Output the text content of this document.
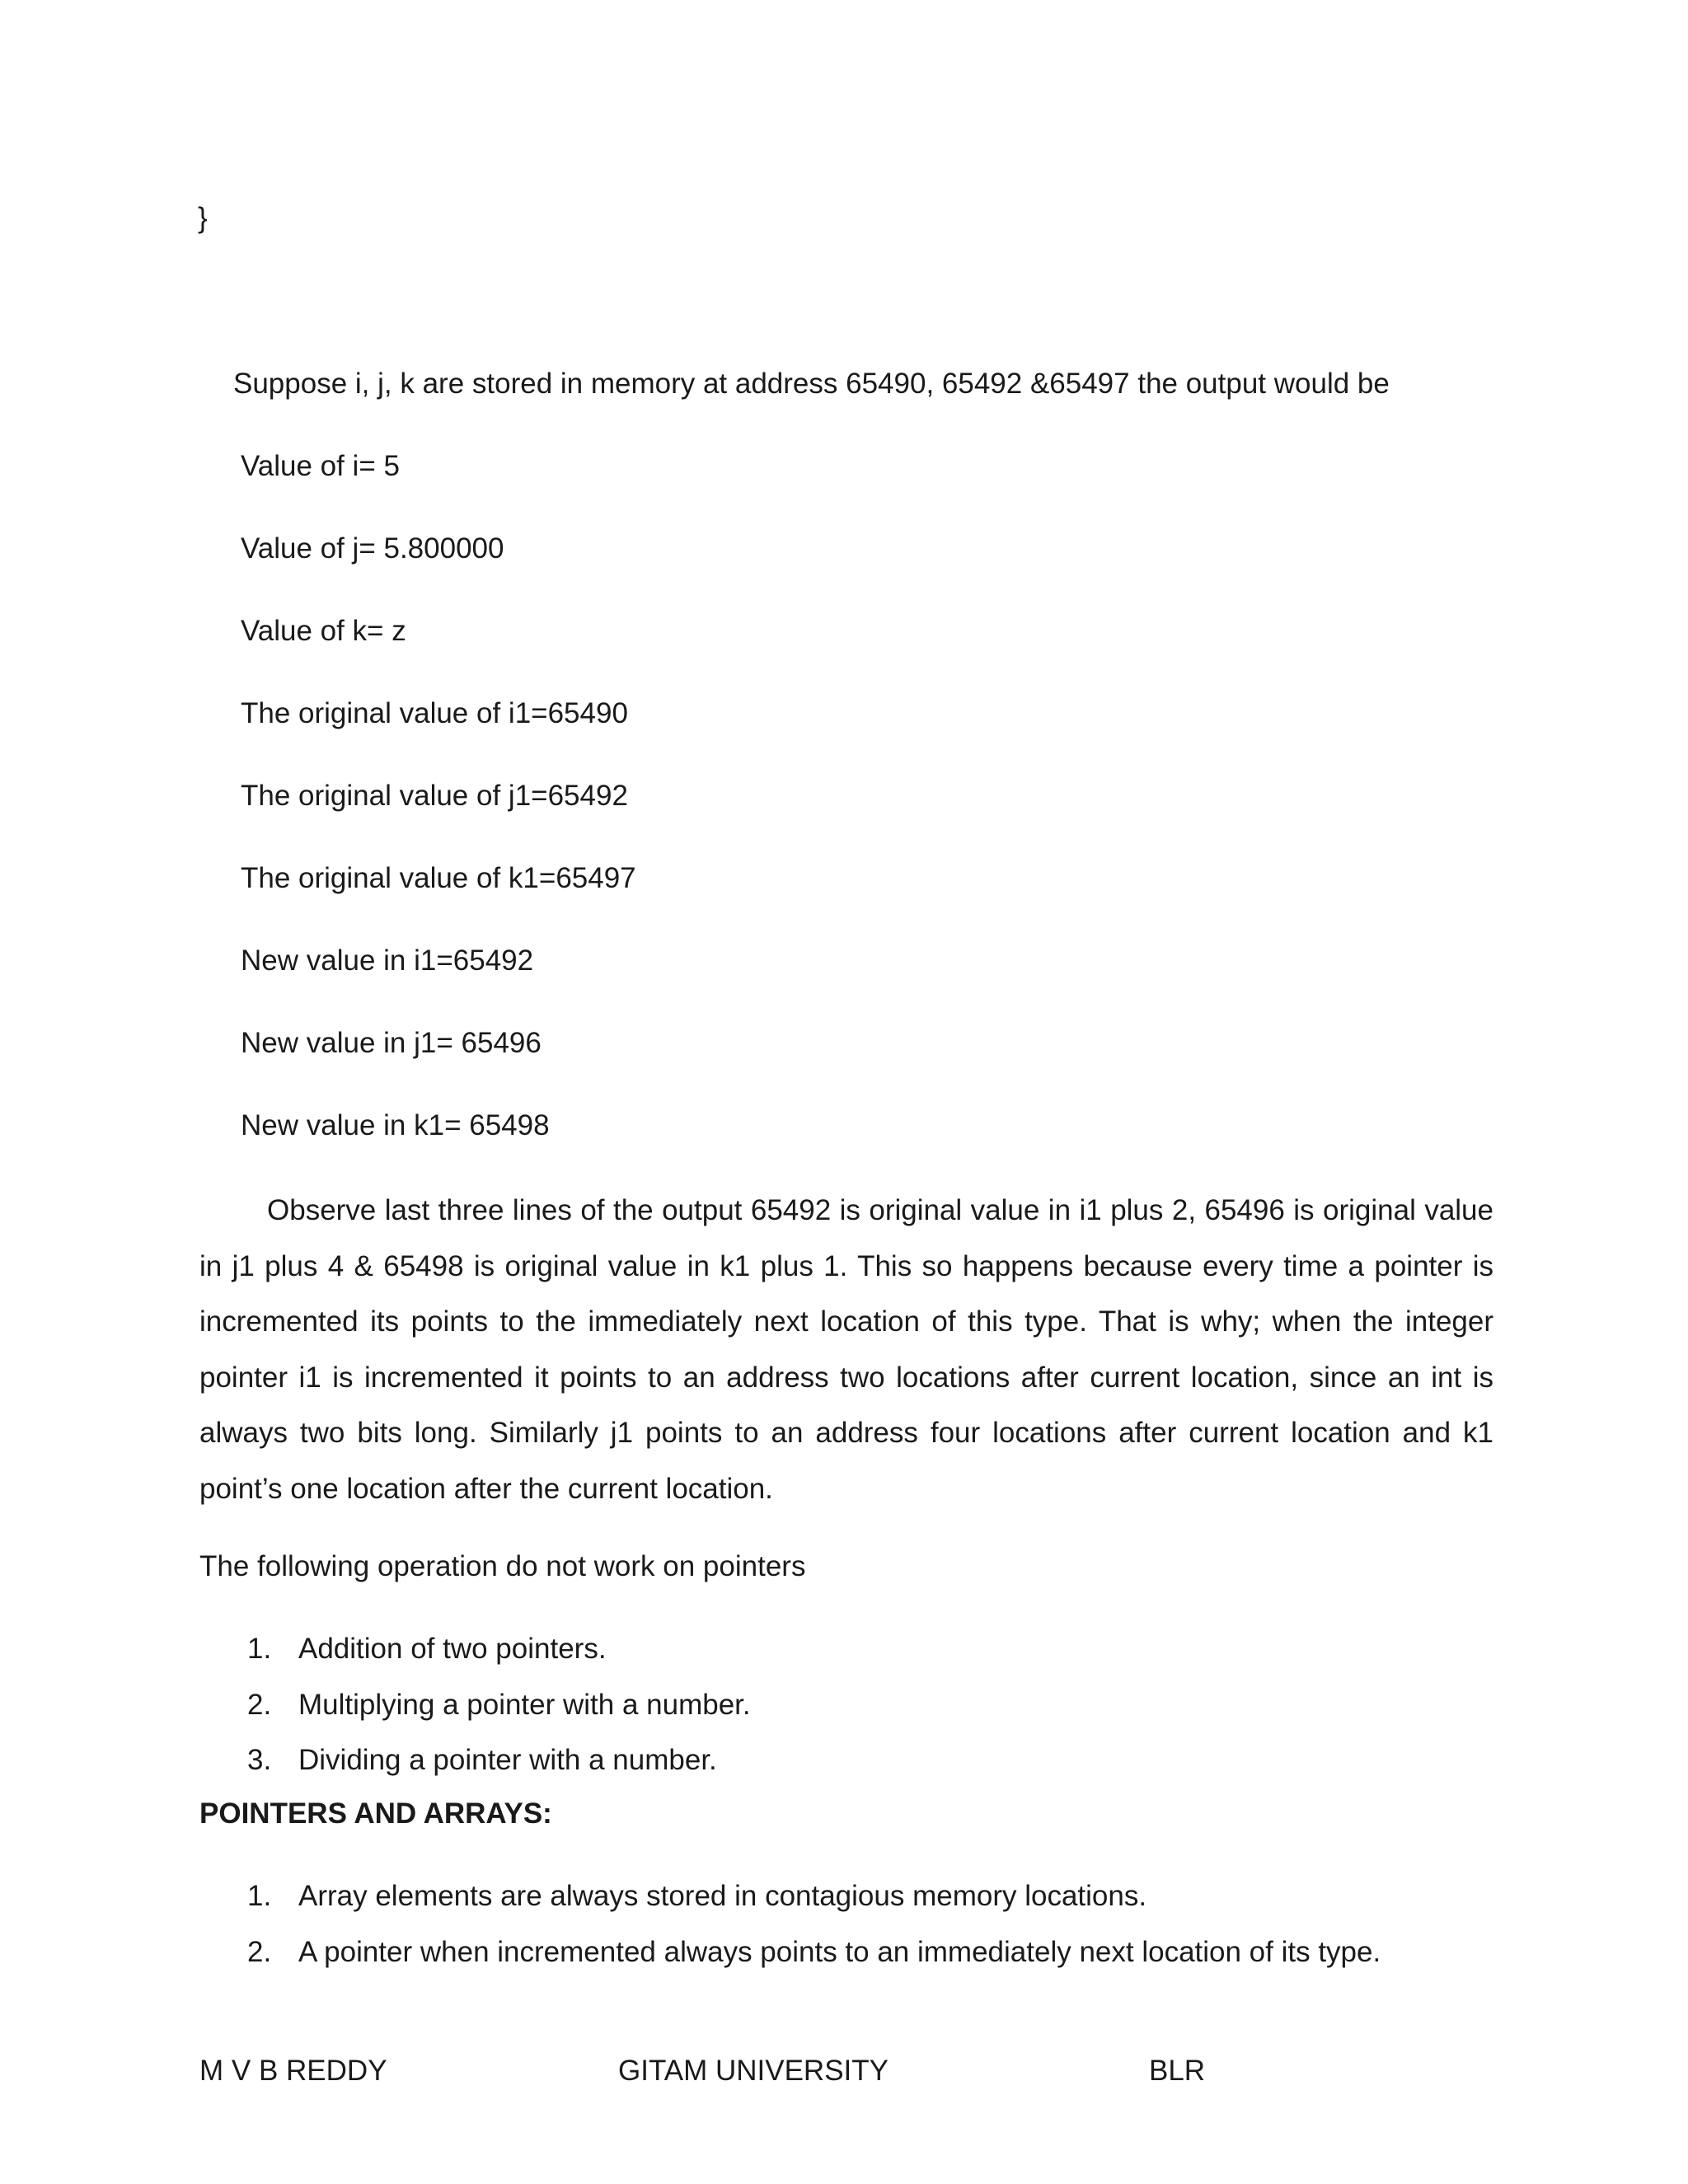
}
Suppose i, j, k are stored in memory at address 65490, 65492 &65497 the output would be
Value of i= 5
Value of j= 5.800000
Value of k= z
The original value of i1=65490
The original value of j1=65492
The original value of k1=65497
New value in i1=65492
New value in j1= 65496
New value in k1= 65498
Observe last three lines of the output 65492 is original value in i1 plus 2, 65496 is original value in j1 plus 4 & 65498 is original value in k1 plus 1. This so happens because every time a pointer is incremented its points to the immediately next location of this type. That is why; when the integer pointer i1 is incremented it points to an address two locations after current location, since an int is always two bits long. Similarly j1 points to an address four locations after current location and k1 point’s one location after the current location.
The following operation do not work on pointers
1. Addition of two pointers.
2. Multiplying a pointer with a number.
3. Dividing a pointer with a number.
POINTERS AND ARRAYS:
1. Array elements are always stored in contagious memory locations.
2. A pointer when incremented always points to an immediately next location of its type.
M V B REDDY	GITAM UNIVERSITY	BLR
